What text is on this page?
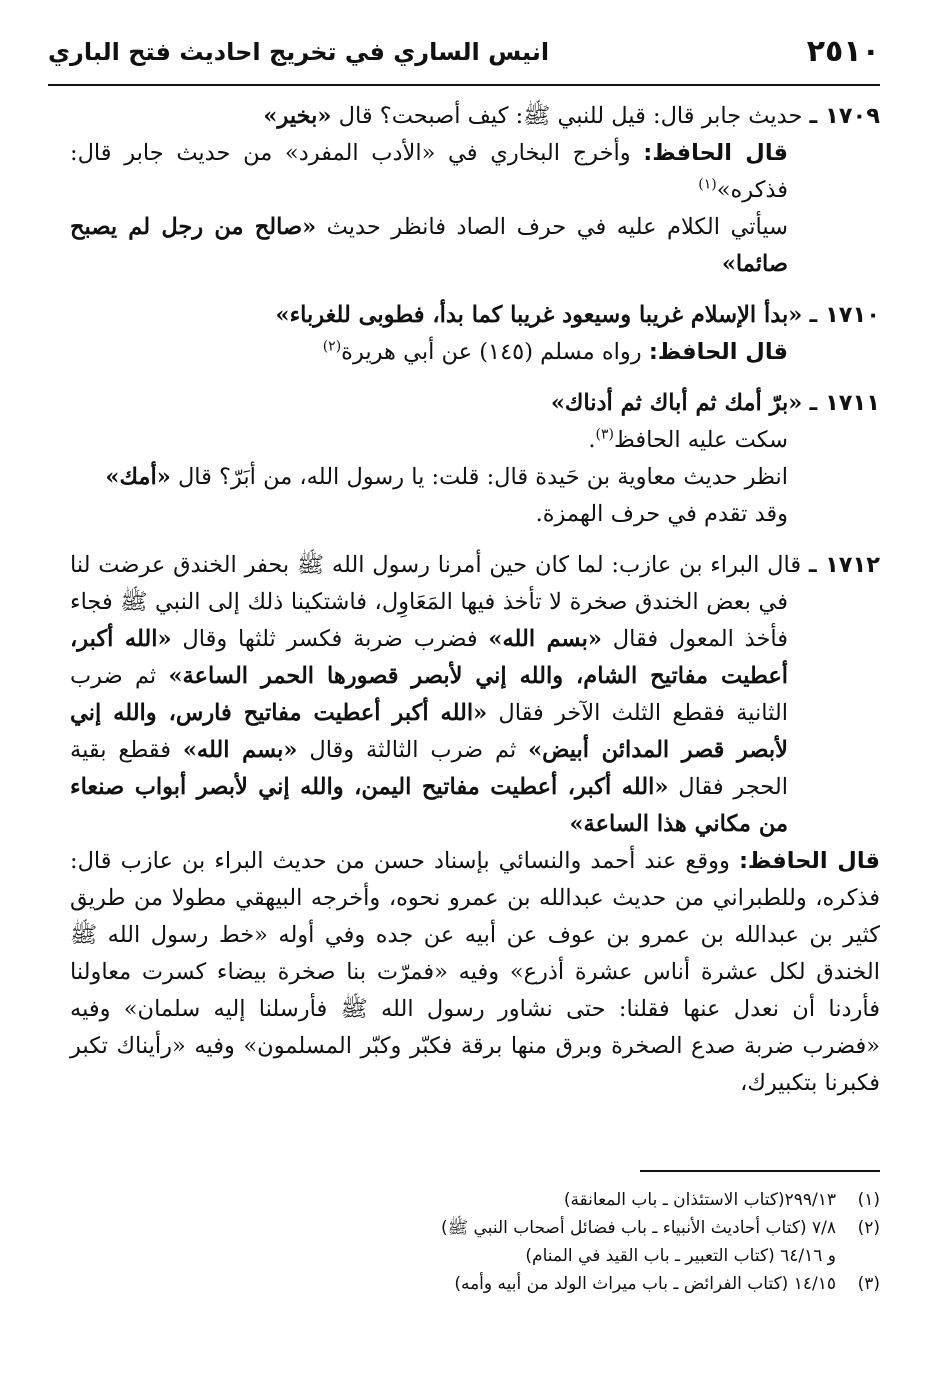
٢٥١٠
انيس الساري في تخريج احاديث فتح الباري

١٧٠٩ ـ حديث جابر قال: قيل للنبي ﷺ: كيف أصبحت؟ قال «بخير»

قال الحافظ: وأخرج البخاري في «الأدب المفرد» من حديث جابر قال: فذكره»$^{(١)}$

سيأتي الكلام عليه في حرف الصاد فانظر حديث «صالح من رجل لم يصبح صائما»

١٧١٠ ـ «بدأ الإسلام غريبا وسيعود غريبا كما بدأ، فطوبى للغرباء»

قال الحافظ: رواه مسلم (١٤٥) عن أبي هريرة$^{(٢)}$

١٧١١ ـ «برّ أمك ثم أباك ثم أدناك»

سكت عليه الحافظ$^{(٣)}$.

انظر حديث معاوية بن حَيدة قال: قلت: يا رسول الله، من أبَرّ؟ قال «أمك»

وقد تقدم في حرف الهمزة.

١٧١٢ ـ قال البراء بن عازب: لما كان حين أمرنا رسول الله ﷺ بحفر الخندق عرضت لنا في بعض الخندق صخرة لا تأخذ فيها المَعَاوِل، فاشتكينا ذلك إلى النبي ﷺ فجاء فأخذ المعول فقال «بسم الله» فضرب ضربة فكسر ثلثها وقال «الله أكبر، أعطيت مفاتيح الشام، والله إني لأبصر قصورها الحمر الساعة» ثم ضرب الثانية فقطع الثلث الآخر فقال «الله أكبر أعطيت مفاتيح فارس، والله إني لأبصر قصر المدائن أبيض» ثم ضرب الثالثة وقال «بسم الله» فقطع بقية الحجر فقال «الله أكبر، أعطيت مفاتيح اليمن، والله إني لأبصر أبواب صنعاء من مكاني هذا الساعة»

قال الحافظ: ووقع عند أحمد والنسائي بإسناد حسن من حديث البراء بن عازب قال: فذكره، وللطبراني من حديث عبدالله بن عمرو نحوه، وأخرجه البيهقي مطولا من طريق كثير بن عبدالله بن عمرو بن عوف عن أبيه عن جده وفي أوله «خط رسول الله ﷺ الخندق لكل عشرة أناس عشرة أذرع» وفيه «فمرّت بنا صخرة بيضاء كسرت معاولنا فأردنا أن نعدل عنها فقلنا: حتى نشاور رسول الله ﷺ فأرسلنا إليه سلمان» وفيه «فضرب ضربة صدع الصخرة وبرق منها برقة فكبّر وكبّر المسلمون» وفيه «رأيناك تكبر فكبرنا بتكبيرك،

(١)٢٩٩/١٣(كتاب الاستئذان ـ باب المعانقة)

(٢)٧/٨ (كتاب أحاديث الأنبياء ـ باب فضائل أصحاب النبي ﷺ)

و ٦٤/١٦ (كتاب التعبير ـ باب القيد في المنام)

(٣)١٤/١٥ (كتاب الفرائض ـ باب ميراث الولد من أبيه وأمه)
